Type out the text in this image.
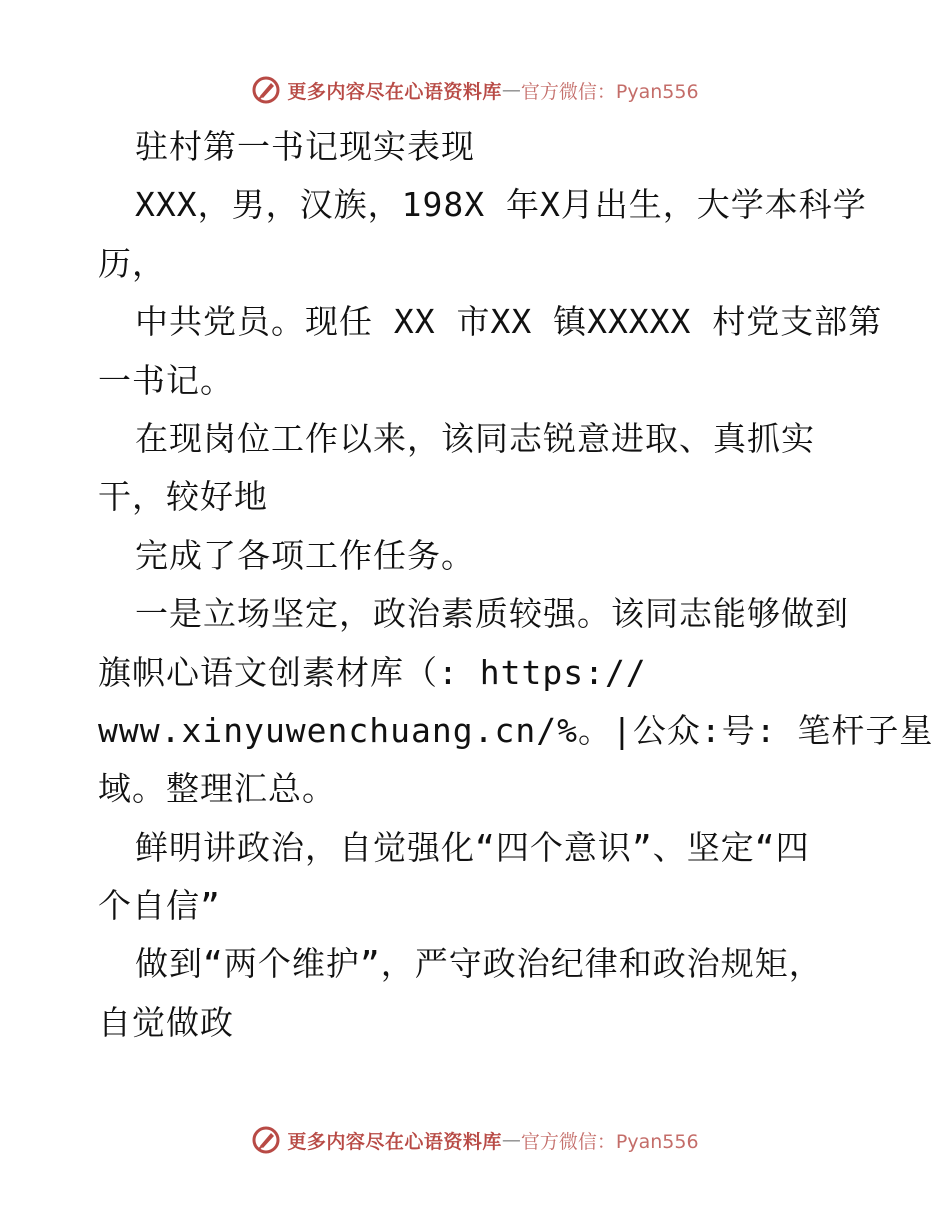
更多内容尽在心语资料库 — 官方微信：Pyan556
驻村第一书记现实表现
XXX，男，汉族，198X 年X月出生，大学本科学
历，
中共党员。现任 XX 市XX 镇XXXXX 村党支部第
一书记。
在现岗位工作以来，该同志锐意进取、真抓实
干，较好地
完成了各项工作任务。
一是立场坚定，政治素质较强。该同志能够做到
旗帜心语文创素材库（: https://
www.xinyuwenchuang.cn/%。|公众:号: 笔杆子星
域。整理汇总。
鲜明讲政治，自觉强化“四个意识”、坚定“四
个自信”
做到“两个维护”，严守政治纪律和政治规矩，
自觉做政
更多内容尽在心语资料库 — 官方微信：Pyan556
